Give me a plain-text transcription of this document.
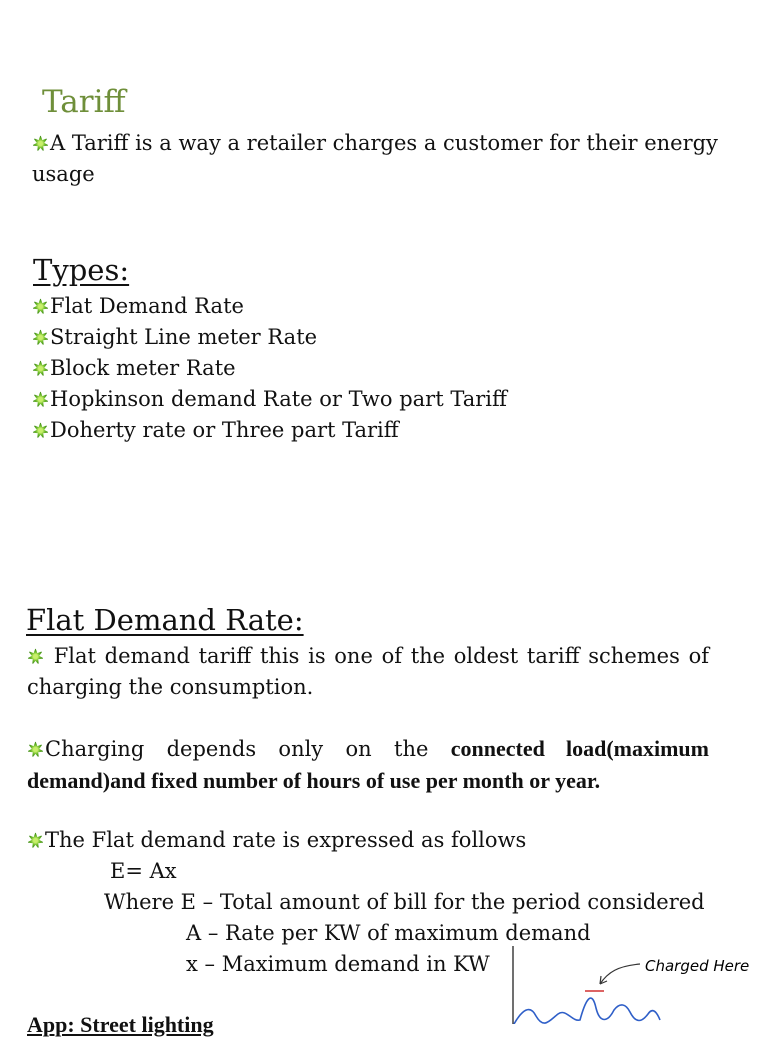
Tariff
A Tariff is a way a retailer charges a customer for their energy
usage
Types:
Flat Demand Rate
Straight Line meter Rate
Block meter Rate
Hopkinson demand Rate or Two part Tariff
Doherty rate or Three part Tariff
Flat Demand Rate:
Flat demand tariff this is one of the oldest tariff schemes of
charging the consumption.
Charging depends only on the connected load(maximum
demand)and fixed number of hours of use per month or year.
The Flat demand rate is expressed as follows
E= Ax
Where E – Total amount of bill for the period considered
A – Rate per KW of maximum demand
x – Maximum demand in KW
App: Street lighting
Charged Here
